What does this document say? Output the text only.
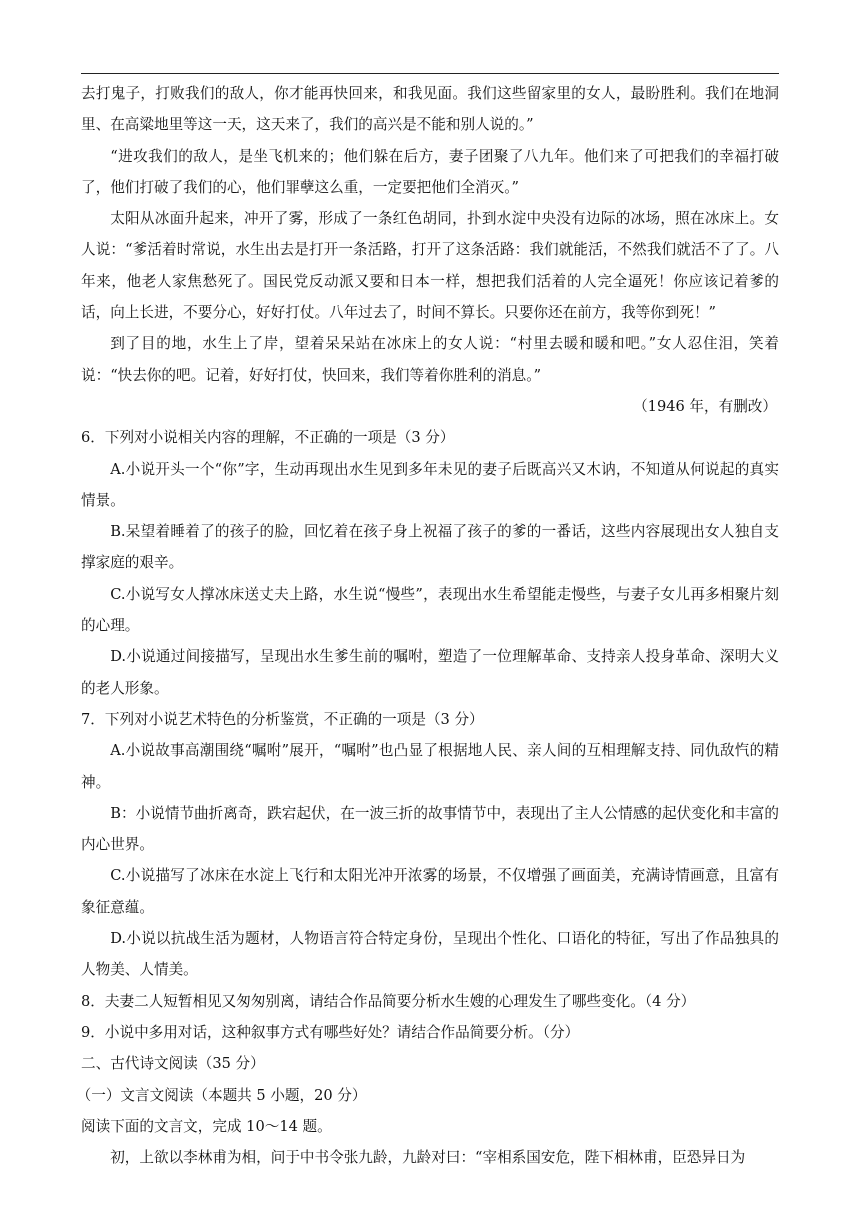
去打鬼子，打败我们的敌人，你才能再快回来，和我见面。我们这些留家里的女人，最盼胜利。我们在地洞里、在高粱地里等这一天，这天来了，我们的高兴是不能和别人说的。”

“进攻我们的敌人，是坐飞机来的；他们躲在后方，妻子团聚了八九年。他们来了可把我们的幸福打破了，他们打破了我们的心，他们罪孽这么重，一定要把他们全消灭。”

太阳从冰面升起来，冲开了雾，形成了一条红色胡同，扑到水淀中央没有边际的冰场，照在冰床上。女人说：“爹活着时常说，水生出去是打开一条活路，打开了这条活路：我们就能活，不然我们就活不了了。八年来，他老人家焦愁死了。国民党反动派又要和日本一样，想把我们活着的人完全逼死！你应该记着爹的话，向上长进，不要分心，好好打仗。八年过去了，时间不算长。只要你还在前方，我等你到死！”

到了目的地，水生上了岸，望着呆呆站在冰床上的女人说：“村里去暖和暖和吧。”女人忍住泪，笑着说：“快去你的吧。记着，好好打仗，快回来，我们等着你胜利的消息。”

（1946 年，有删改）

6．下列对小说相关内容的理解，不正确的一项是（3 分）

A.小说开头一个“你”字，生动再现出水生见到多年未见的妻子后既高兴又木讷，不知道从何说起的真实情景。

B.呆望着睡着了的孩子的脸，回忆着在孩子身上祝福了孩子的爹的一番话，这些内容展现出女人独自支撑家庭的艰辛。

C.小说写女人撑冰床送丈夫上路，水生说“慢些”，表现出水生希望能走慢些，与妻子女儿再多相聚片刻的心理。

D.小说通过间接描写，呈现出水生爹生前的嘱咐，塑造了一位理解革命、支持亲人投身革命、深明大义的老人形象。

7．下列对小说艺术特色的分析鉴赏，不正确的一项是（3 分）

A.小说故事高潮围绕“嘱咐”展开，“嘱咐”也凸显了根据地人民、亲人间的互相理解支持、同仇敌忾的精神。

B：小说情节曲折离奇，跌宕起伏，在一波三折的故事情节中，表现出了主人公情感的起伏变化和丰富的内心世界。

C.小说描写了冰床在水淀上飞行和太阳光冲开浓雾的场景，不仅增强了画面美，充满诗情画意，且富有象征意蕴。

D.小说以抗战生活为题材，人物语言符合特定身份，呈现出个性化、口语化的特征，写出了作品独具的人物美、人情美。

8．夫妻二人短暂相见又匆匆别离，请结合作品简要分析水生嫂的心理发生了哪些变化。（4 分）

9．小说中多用对话，这种叙事方式有哪些好处？请结合作品简要分析。（分）

二、古代诗文阅读（35 分）

（一）文言文阅读（本题共 5 小题，20 分）

阅读下面的文言文，完成 10～14 题。

初，上欲以李林甫为相，问于中书令张九龄，九龄对曰：“宰相系国安危，陛下相林甫，臣恐异日为
